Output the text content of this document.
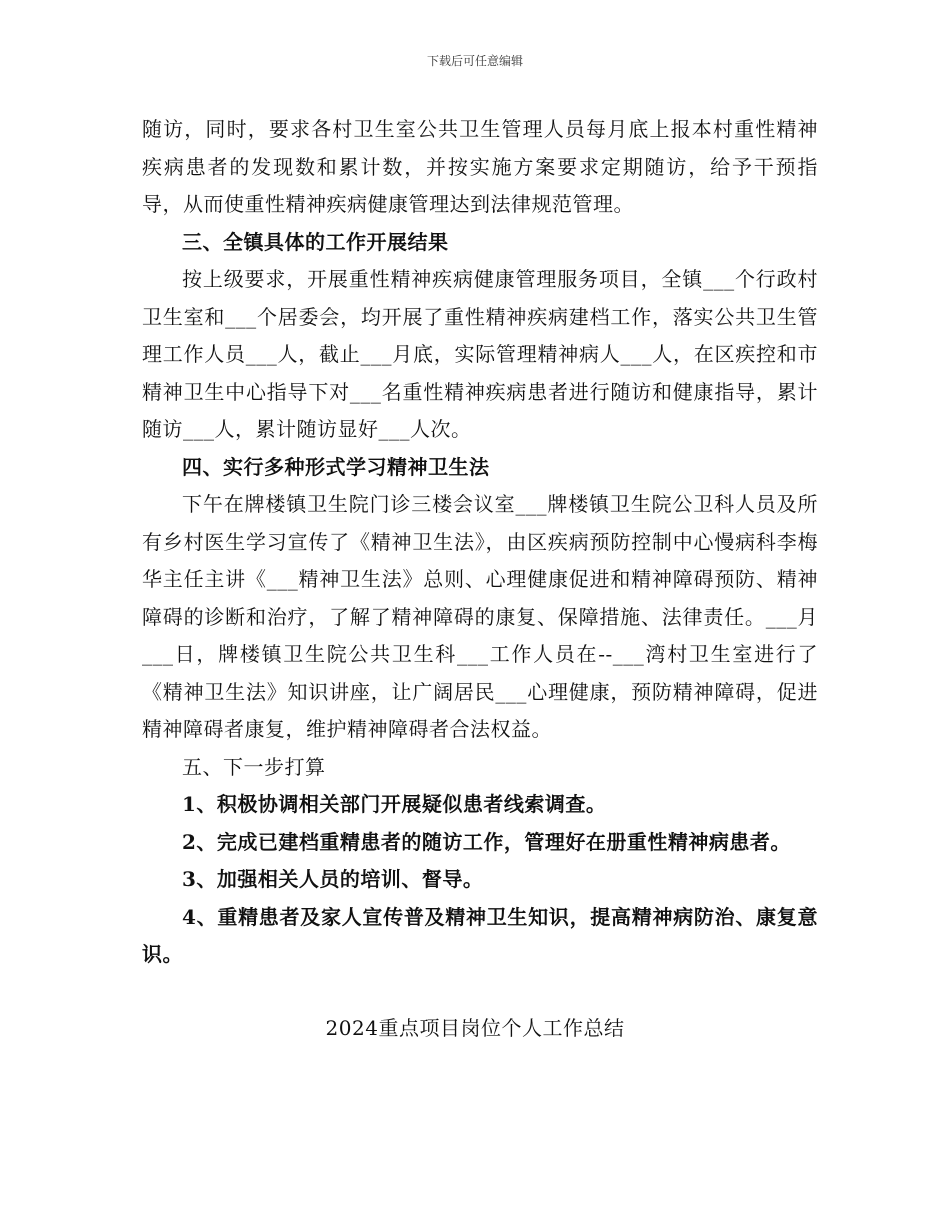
下载后可任意编辑

随访，同时，要求各村卫生室公共卫生管理人员每月底上报本村重性精神疾病患者的发现数和累计数，并按实施方案要求定期随访，给予干预指导，从而使重性精神疾病健康管理达到法律规范管理。

三、全镇具体的工作开展结果

按上级要求，开展重性精神疾病健康管理服务项目，全镇___个行政村卫生室和___个居委会，均开展了重性精神疾病建档工作，落实公共卫生管理工作人员___人，截止___月底，实际管理精神病人___人，在区疾控和市精神卫生中心指导下对___名重性精神疾病患者进行随访和健康指导，累计随访___人，累计随访显好___人次。

四、实行多种形式学习精神卫生法

下午在牌楼镇卫生院门诊三楼会议室___牌楼镇卫生院公卫科人员及所有乡村医生学习宣传了《精神卫生法》，由区疾病预防控制中心慢病科李梅华主任主讲《___精神卫生法》总则、心理健康促进和精神障碍预防、精神障碍的诊断和治疗，了解了精神障碍的康复、保障措施、法律责任。___月___日，牌楼镇卫生院公共卫生科___工作人员在--___湾村卫生室进行了《精神卫生法》知识讲座，让广阔居民___心理健康，预防精神障碍，促进精神障碍者康复，维护精神障碍者合法权益。

五、下一步打算

1、积极协调相关部门开展疑似患者线索调查。

2、完成已建档重精患者的随访工作，管理好在册重性精神病患者。

3、加强相关人员的培训、督导。

4、重精患者及家人宣传普及精神卫生知识，提高精神病防治、康复意识。

2024重点项目岗位个人工作总结
